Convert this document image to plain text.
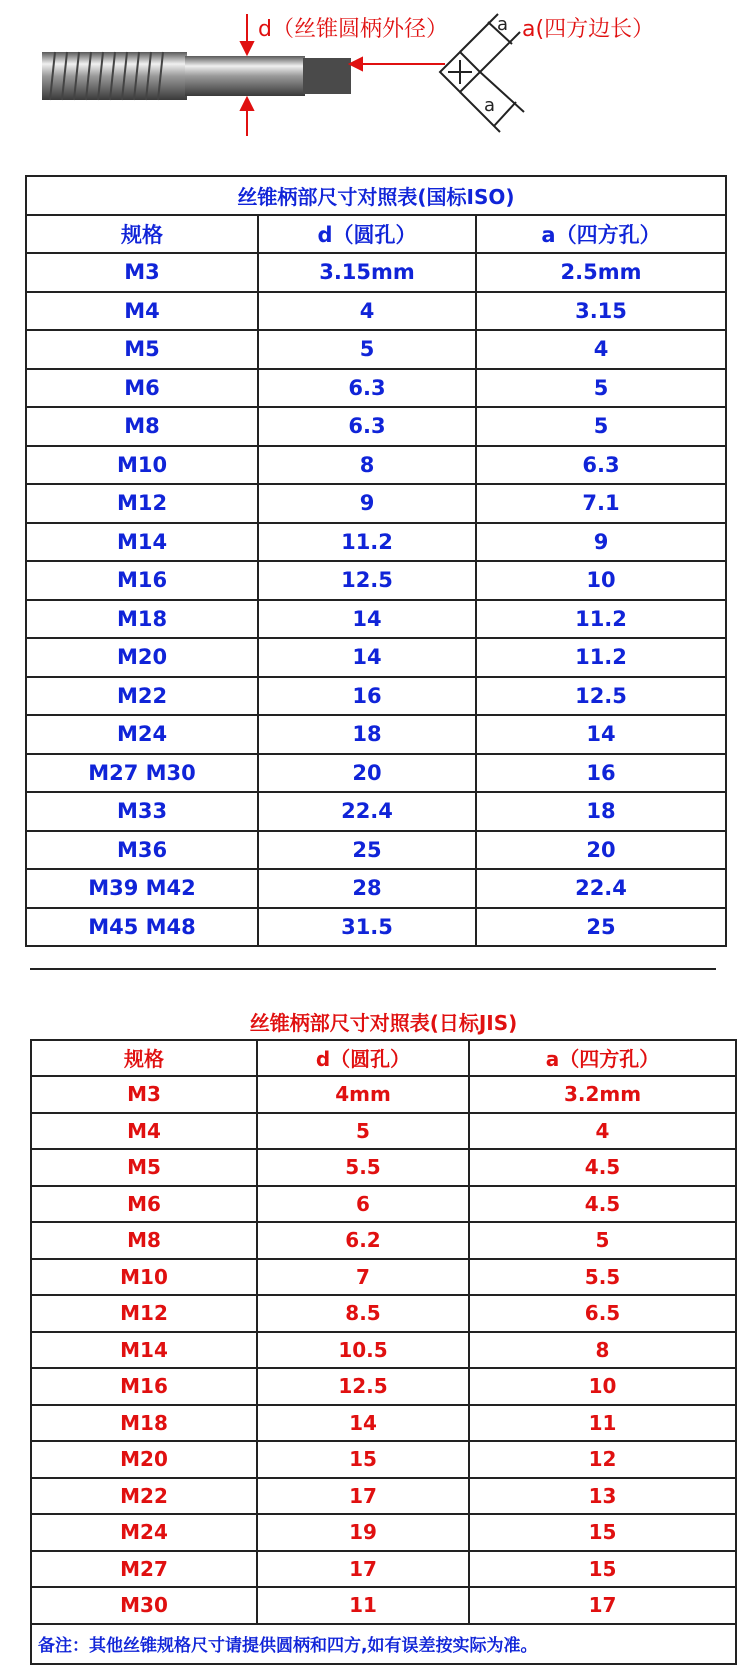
d（丝锥圆柄外径）	a(四方边长）
a
a
丝锥柄部尺寸对照表(国标ISO)		
规格	d（圆孔）	a（四方孔）
M3	3.15mm	2.5mm
M4	4	3.15
M5	5	4
M6	6.3	5
M8	6.3	5
M10	8	6.3
M12	9	7.1
M14	11.2	9
M16	12.5	10
M18	14	11.2
M20	14	11.2
M22	16	12.5
M24	18	14
M27 M30	20	16
M33	22.4	18
M36	25	20
M39 M42	28	22.4
M45 M48	31.5	25
丝锥柄部尺寸对照表(日标JIS)		
规格	d（圆孔）	a（四方孔）
M3	4mm	3.2mm
M4	5	4
M5	5.5	4.5
M6	6	4.5
M8	6.2	5
M10	7	5.5
M12	8.5	6.5
M14	10.5	8
M16	12.5	10
M18	14	11
M20	15	12
M22	17	13
M24	19	15
M27	17	15
M30	11	17
备注：其他丝锥规格尺寸请提供圆柄和四方,如有误差按实际为准。		
